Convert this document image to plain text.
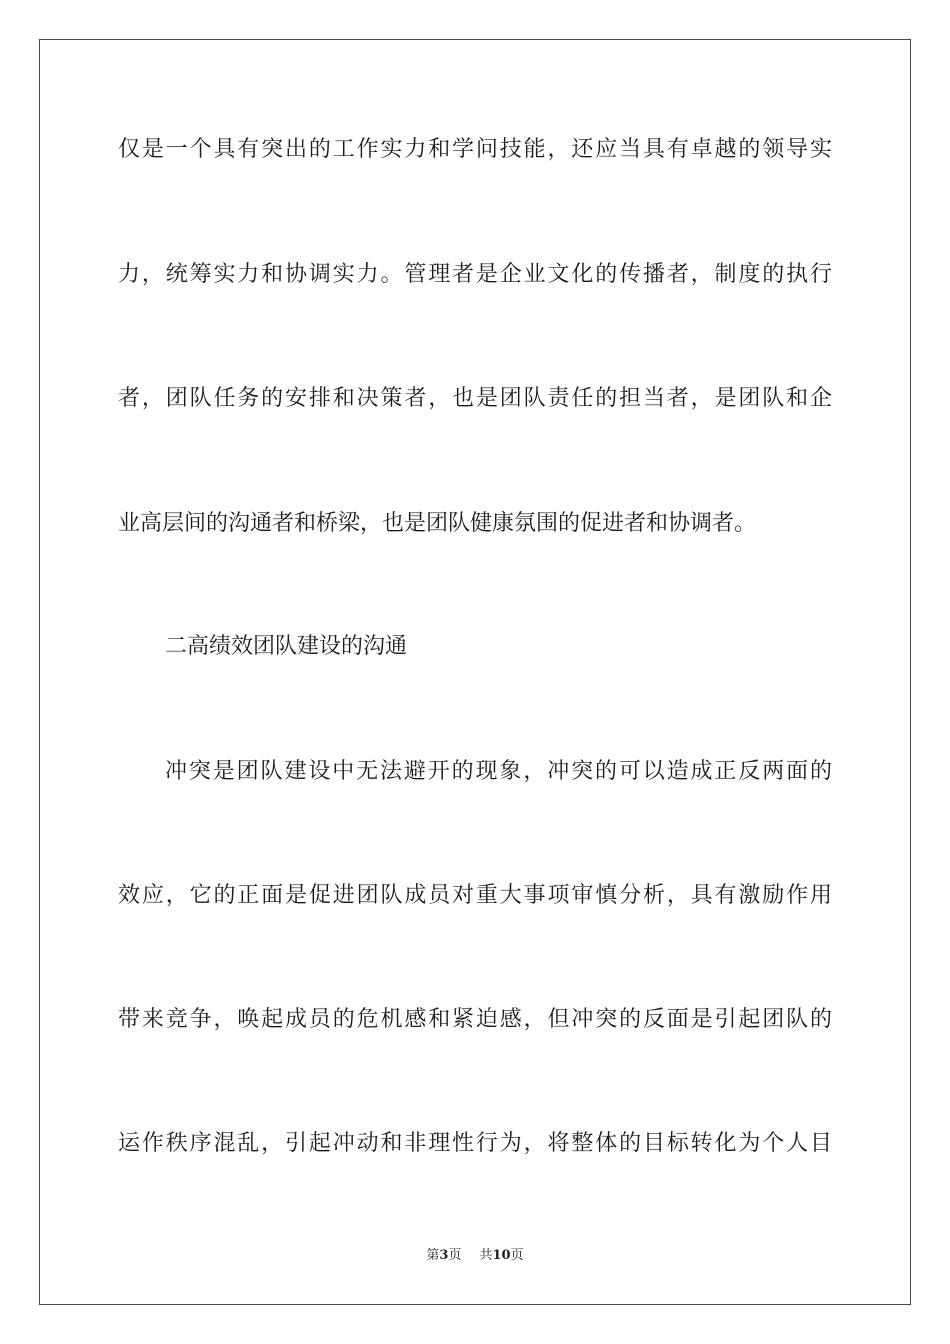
仅是一个具有突出的工作实力和学问技能，还应当具有卓越的领导实
力，统筹实力和协调实力。管理者是企业文化的传播者，制度的执行
者，团队任务的安排和决策者，也是团队责任的担当者，是团队和企
业高层间的沟通者和桥梁，也是团队健康氛围的促进者和协调者。
二高绩效团队建设的沟通
冲突是团队建设中无法避开的现象，冲突的可以造成正反两面的
效应，它的正面是促进团队成员对重大事项审慎分析，具有激励作用
带来竞争，唤起成员的危机感和紧迫感，但冲突的反面是引起团队的
运作秩序混乱，引起冲动和非理性行为，将整体的目标转化为个人目
第3页 共10页
